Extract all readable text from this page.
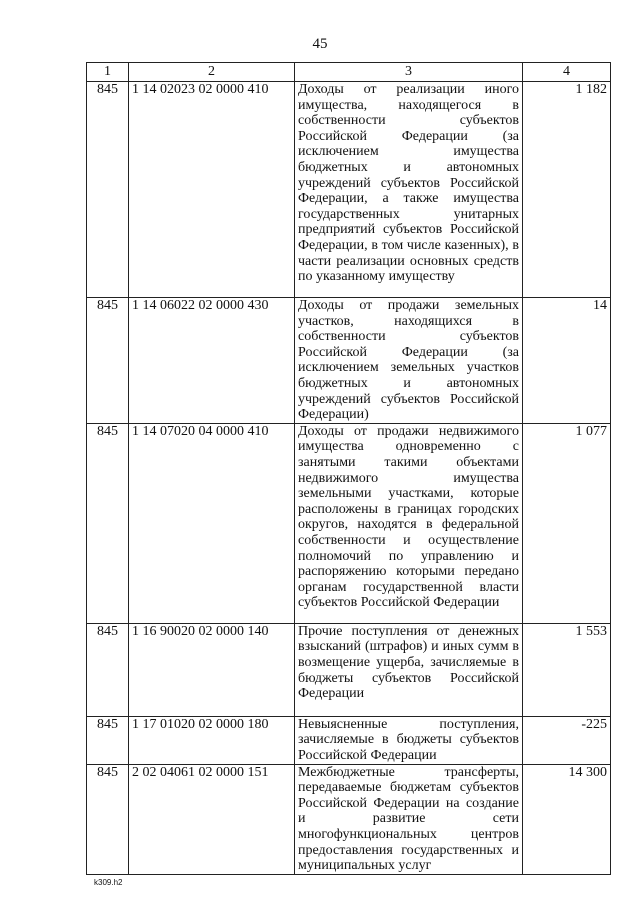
45
1	2	3	4
845	1 14 02023 02 0000 410	Доходы от реализации иного имущества, находящегося в собственности субъектов Российской Федерации (за исключением имущества бюджетных и автономных учреждений субъектов Российской Федерации, а также имущества государственных унитарных предприятий субъектов Российской Федерации, в том числе казенных), в части реализации основных средств по указанному имуществу	1 182
845	1 14 06022 02 0000 430	Доходы от продажи земельных участков, находящихся в собственности субъектов Российской Федерации (за исключением земельных участков бюджетных и автономных учреждений субъектов Российской Федерации)	14
845	1 14 07020 04 0000 410	Доходы от продажи недвижимого имущества одновременно с занятыми такими объектами недвижимого имущества земельными участками, которые расположены в границах городских округов, находятся в федеральной собственности и осуществление полномочий по управлению и распоряжению которыми передано органам государственной власти субъектов Российской Федерации	1 077
845	1 16 90020 02 0000 140	Прочие поступления от денежных взысканий (штрафов) и иных сумм в возмещение ущерба, зачисляемые в бюджеты субъектов Российской Федерации	1 553
845	1 17 01020 02 0000 180	Невыясненные поступления, зачисляемые в бюджеты субъектов Российской Федерации	-225
845	2 02 04061 02 0000 151	Межбюджетные трансферты, передаваемые бюджетам субъектов Российской Федерации на создание и развитие сети многофункциональных центров предоставления государственных и муниципальных услуг	14 300
k309.h2
